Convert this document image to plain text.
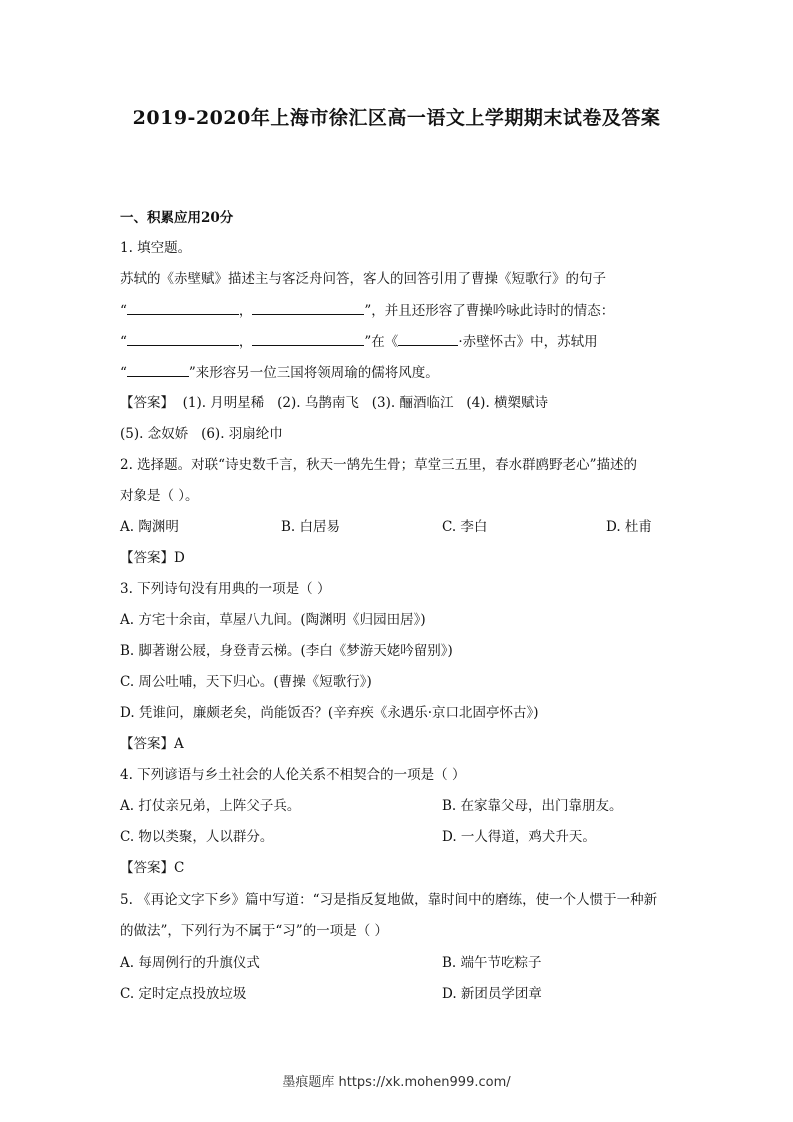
2019-2020年上海市徐汇区高一语文上学期期末试卷及答案
一、积累应用20分
1. 填空题。
苏轼的《赤壁赋》描述主与客泛舟问答，客人的回答引用了曹操《短歌行》的句子
“	，	”，并且还形容了曹操吟咏此诗时的情态：
“	，	”在《	·赤壁怀古》中，苏轼用
“	”来形容另一位三国将领周瑜的儒将风度。
【答案】  (1). 月明星稀   (2). 乌鹊南飞   (3). 酾酒临江   (4). 横槊赋诗
(5). 念奴娇   (6). 羽扇纶巾
2. 选择题。对联“诗史数千言，秋天一鹄先生骨；草堂三五里，春水群鸥野老心”描述的
对象是（ ）。
A. 陶渊明	B. 白居易	C. 李白	D. 杜甫
【答案】D
3. 下列诗句没有用典的一项是（ ）
A. 方宅十余亩，草屋八九间。(陶渊明《归园田居》)
B. 脚著谢公屐，身登青云梯。(李白《梦游天姥吟留别》)
C. 周公吐哺，天下归心。(曹操《短歌行》)
D. 凭谁问，廉颇老矣，尚能饭否？(辛弃疾《永遇乐·京口北固亭怀古》)
【答案】A
4. 下列谚语与乡土社会的人伦关系不相契合的一项是（ ）
A. 打仗亲兄弟，上阵父子兵。	B. 在家靠父母，出门靠朋友。
C. 物以类聚，人以群分。	D. 一人得道，鸡犬升天。
【答案】C
5. 《再论文字下乡》篇中写道：“习是指反复地做，靠时间中的磨练，使一个人惯于一种新
的做法”，下列行为不属于“习”的一项是（ ）
A. 每周例行的升旗仪式	B. 端午节吃粽子
C. 定时定点投放垃圾	D. 新团员学团章
墨痕题库 https://xk.mohen999.com/
